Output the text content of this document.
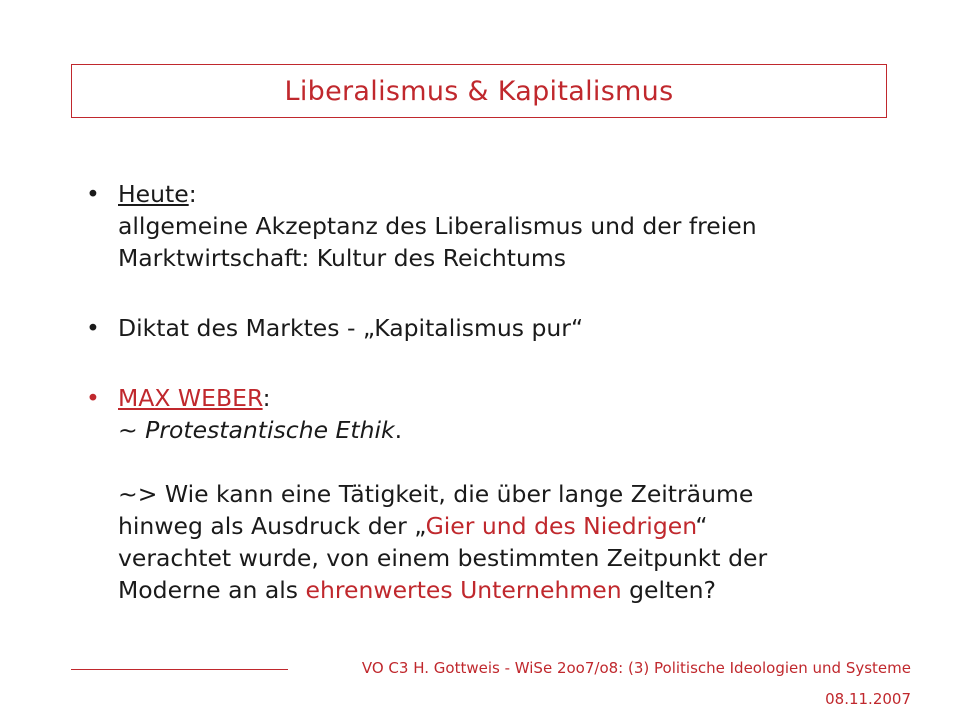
Liberalismus & Kapitalismus
• Heute:
allgemeine Akzeptanz des Liberalismus und der freien
Marktwirtschaft: Kultur des Reichtums
• Diktat des Marktes - „Kapitalismus pur“
• MAX WEBER:
~ Protestantische Ethik.

~> Wie kann eine Tätigkeit, die über lange Zeiträume
hinweg als Ausdruck der „Gier und des Niedrigen“
verachtet wurde, von einem bestimmten Zeitpunkt der
Moderne an als ehrenwertes Unternehmen gelten?
VO C3 H. Gottweis - WiSe 2oo7/o8: (3) Politische Ideologien und Systeme
08.11.2007
